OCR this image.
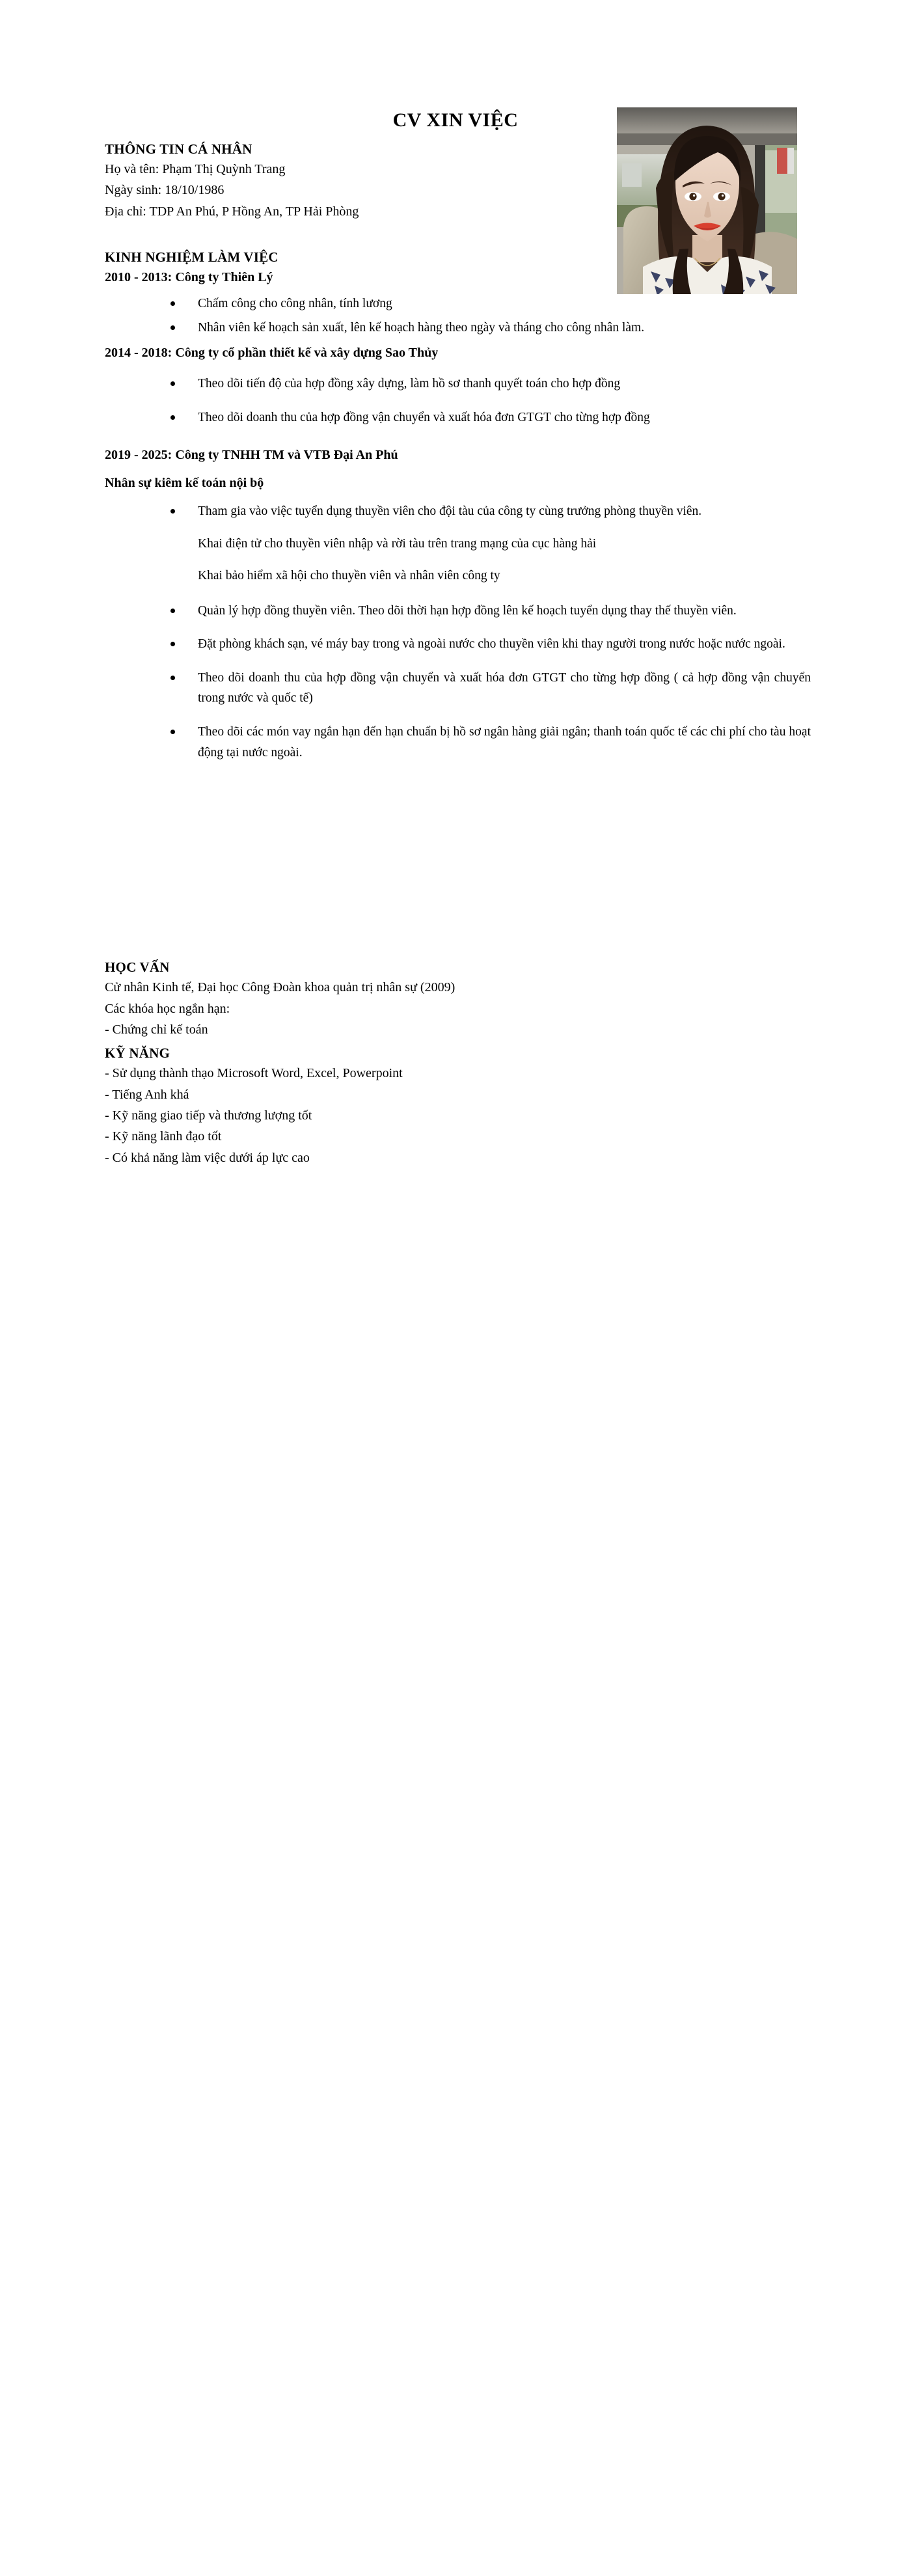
CV XIN VIỆC
THÔNG TIN CÁ NHÂN

Họ và tên: Phạm Thị Quỳnh Trang

Ngày sinh: 18/10/1986

Địa chỉ: TDP An Phú, P Hồng An, TP Hải Phòng

KINH NGHIỆM LÀM VIỆC

2010 - 2013: Công ty Thiên Lý

Chấm công cho công nhân, tính lương
Nhân viên kế hoạch sản xuất, lên kế hoạch hàng theo ngày và tháng cho công nhân làm.

2014 - 2018: Công ty cổ phần thiết kế và xây dựng Sao Thủy

Theo dõi tiến độ của hợp đồng xây dựng, làm hồ sơ thanh quyết toán cho hợp đồng
Theo dõi doanh thu của hợp đồng vận chuyển và xuất hóa đơn GTGT cho từng hợp đồng

2019 - 2025: Công ty TNHH TM và VTB Đại An Phú

Nhân sự kiêm kế toán nội bộ

Tham gia vào việc tuyển dụng thuyền viên cho đội tàu của công ty cùng trưởng phòng thuyền viên.

Khai điện tử cho thuyền viên nhập và rời tàu trên trang mạng của cục hàng hải

Khai bảo hiểm xã hội cho thuyền viên và nhân viên công ty

Quản lý hợp đồng thuyền viên. Theo dõi thời hạn hợp đồng lên kế hoạch tuyển dụng thay thế thuyền viên.
Đặt phòng khách sạn, vé máy bay trong và ngoài nước cho thuyền viên khi thay người trong nước hoặc nước ngoài.
Theo dõi doanh thu của hợp đồng vận chuyển và xuất hóa đơn GTGT cho từng hợp đồng ( cả hợp đồng vận chuyển trong nước và quốc tế)
Theo dõi các món vay ngắn hạn đến hạn chuẩn bị hồ sơ ngân hàng giải ngân; thanh toán quốc tế các chi phí cho tàu hoạt động tại nước ngoài.
HỌC VẤN

Cử nhân Kinh tế, Đại học Công Đoàn khoa quản trị nhân sự (2009)

Các khóa học ngắn hạn:

- Chứng chỉ kế toán

KỸ NĂNG

- Sử dụng thành thạo Microsoft Word, Excel, Powerpoint

- Tiếng Anh khá

- Kỹ năng giao tiếp và thương lượng tốt

- Kỹ năng lãnh đạo tốt

- Có khả năng làm việc dưới áp lực cao
